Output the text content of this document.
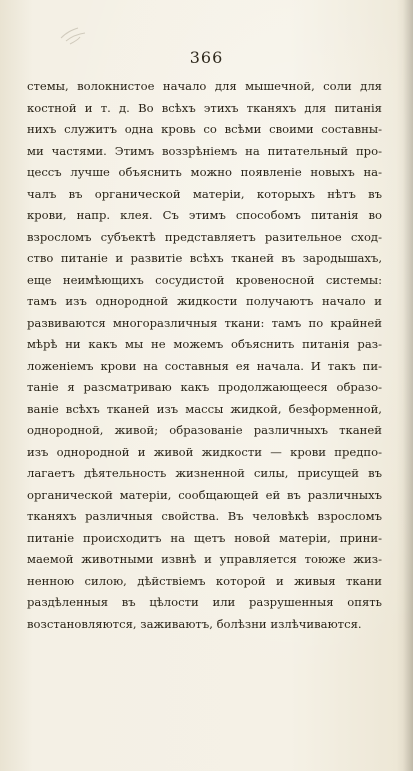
366
стемы, волокнистое начало для мышечной, соли для
костной и т. д. Во всѣхъ этихъ тканяхъ для питанія
нихъ служитъ одна кровь со всѣми своими составны-
ми частями. Этимъ воззрѣніемъ на питательный про-
цессъ лучше объяснить можно появленіе новыхъ на-
чалъ въ органической матеріи, которыхъ нѣтъ въ
крови, напр. клея. Съ этимъ способомъ питанія во
взросломъ субъектѣ представляетъ разительное сход-
ство питаніе и развитіе всѣхъ тканей въ зародышахъ,
еще неимѣющихъ сосудистой кровеносной системы:
тамъ изъ однородной жидкости получаютъ начало и
развиваются многоразличныя ткани: тамъ по крайней
мѣрѣ ни какъ мы не можемъ объяснить питанія раз-
ложеніемъ крови на составныя ея начала. И такъ пи-
таніе я разсматриваю какъ продолжающееся образо-
ваніе всѣхъ тканей изъ массы жидкой, безформенной,
однородной, живой; образованіе различныхъ тканей
изъ однородной и живой жидкости — крови предпо-
лагаетъ дѣятельность жизненной силы, присущей въ
органической матеріи, сообщающей ей въ различныхъ
тканяхъ различныя свойства. Въ человѣкѣ взросломъ
питаніе происходитъ на щетъ новой матеріи, прини-
маемой животными извнѣ и управляется тоюже жиз-
ненною силою, дѣйствіемъ которой и живыя ткани
раздѣленныя въ цѣлости или разрушенныя опять
возстановляются, заживаютъ, болѣзни излѣчиваются.
